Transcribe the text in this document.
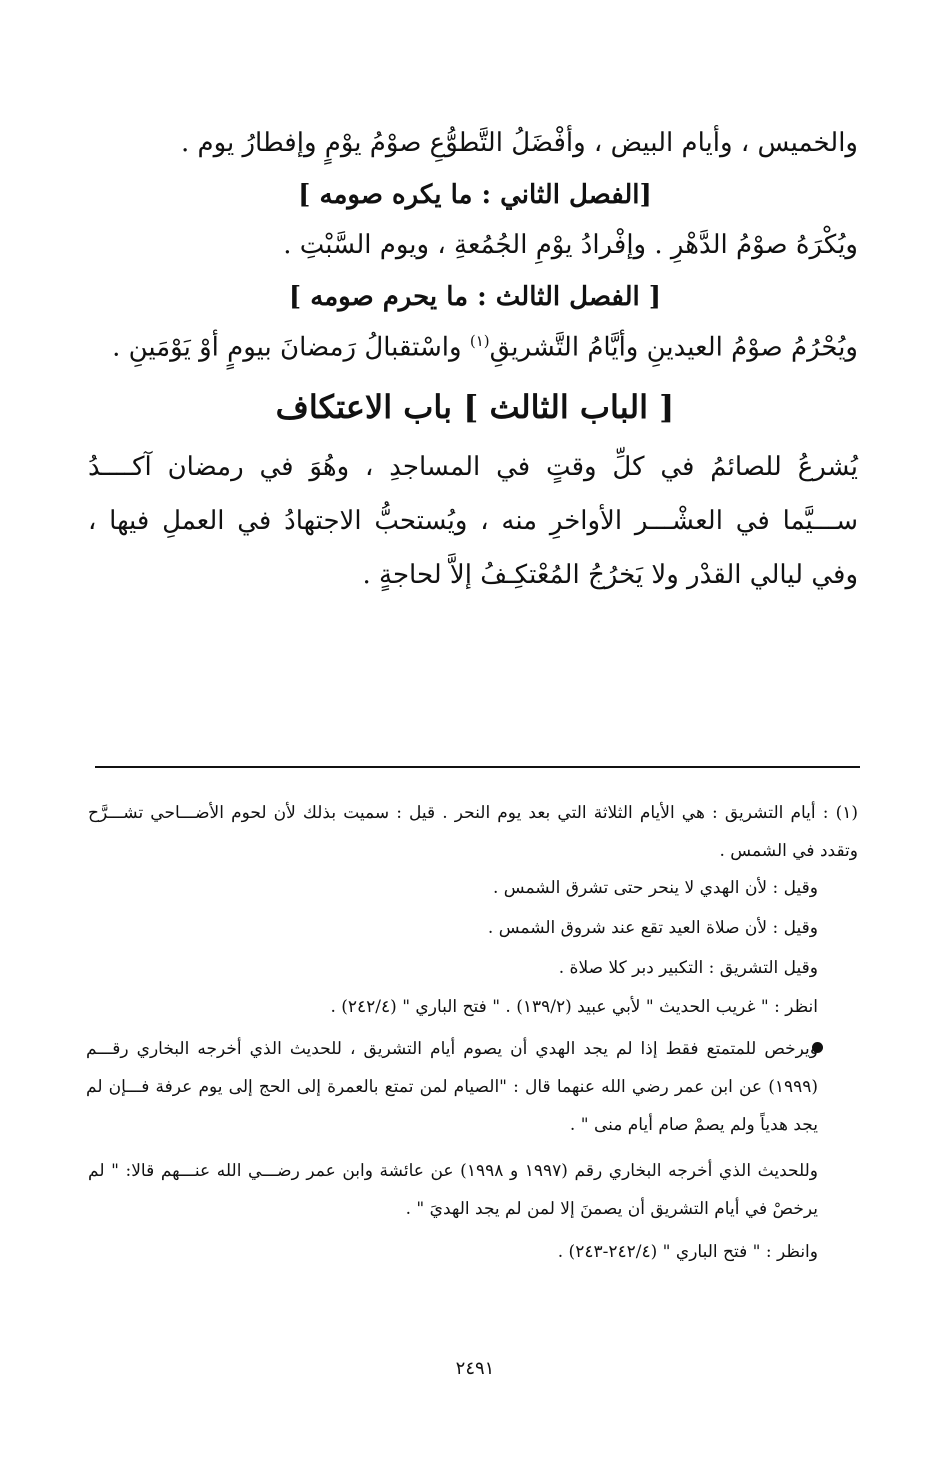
والخميس ، وأيام البيض ، وأفْضَلُ التَّطوُّعِ صوْمُ يوْمٍ وإفطارُ يوم .
[الفصل الثاني : ما يكره صومه ]
ويُكْرَهُ صوْمُ الدَّهْرِ . وإفْرادُ يوْمِ الجُمُعةِ ، ويوم السَّبْتِ .
[ الفصل الثالث : ما يحرم صومه ]
ويُحْرُمُ صوْمُ العيدينِ وأيَّامُ التَّشريقِ$^{(١)}$ واسْتقبالُ رَمضانَ بيومٍ أوْ يَوْمَينِ .
[ الباب الثالث ] باب الاعتكاف
يُشرعُ للصائمُ في كلِّ وقتٍ في المساجدِ ، وهُوَ في رمضان آكــــدُ ســـيَّما في العشْـــر الأواخرِ منه ، ويُستحبُّ الاجتهادُ في العملِ فيها ، وفي ليالي القدْر ولا يَخرُجُ المُعْتكِـفُ إلاَّ لحاجةٍ .
(١) : أيام التشريق : هي الأيام الثلاثة التي بعد يوم النحر . قيل : سميت بذلك لأن لحوم الأضـــاحي تشـــرَّح وتقدد في الشمس .
وقيل : لأن الهدي لا ينحر حتى تشرق الشمس .
وقيل : لأن صلاة العيد تقع عند شروق الشمس .
وقيل التشريق : التكبير دبر كلا صلاة .
انظر : " غريب الحديث " لأبي عبيد (١٣٩/٢) . " فتح الباري " (٢٤٢/٤) .
ويرخص للمتمتع فقط إذا لم يجد الهدي أن يصوم أيام التشريق ، للحديث الذي أخرجه البخاري رقـــم (١٩٩٩) عن ابن عمر رضي الله عنهما قال : "الصيام لمن تمتع بالعمرة إلى الحج إلى يوم عرفة فـــإن لم يجد هدياً ولم يصمْ صام أيام منى " .
وللحديث الذي أخرجه البخاري رقم (١٩٩٧ و ١٩٩٨) عن عائشة وابن عمر رضـــي الله عنـــهم قالا: " لم يرخصْ في أيام التشريق أن يصمنَ إلا لمن لم يجد الهديَ " .
وانظر : " فتح الباري " (٢٤٢/٤-٢٤٣) .
٢٤٩١
